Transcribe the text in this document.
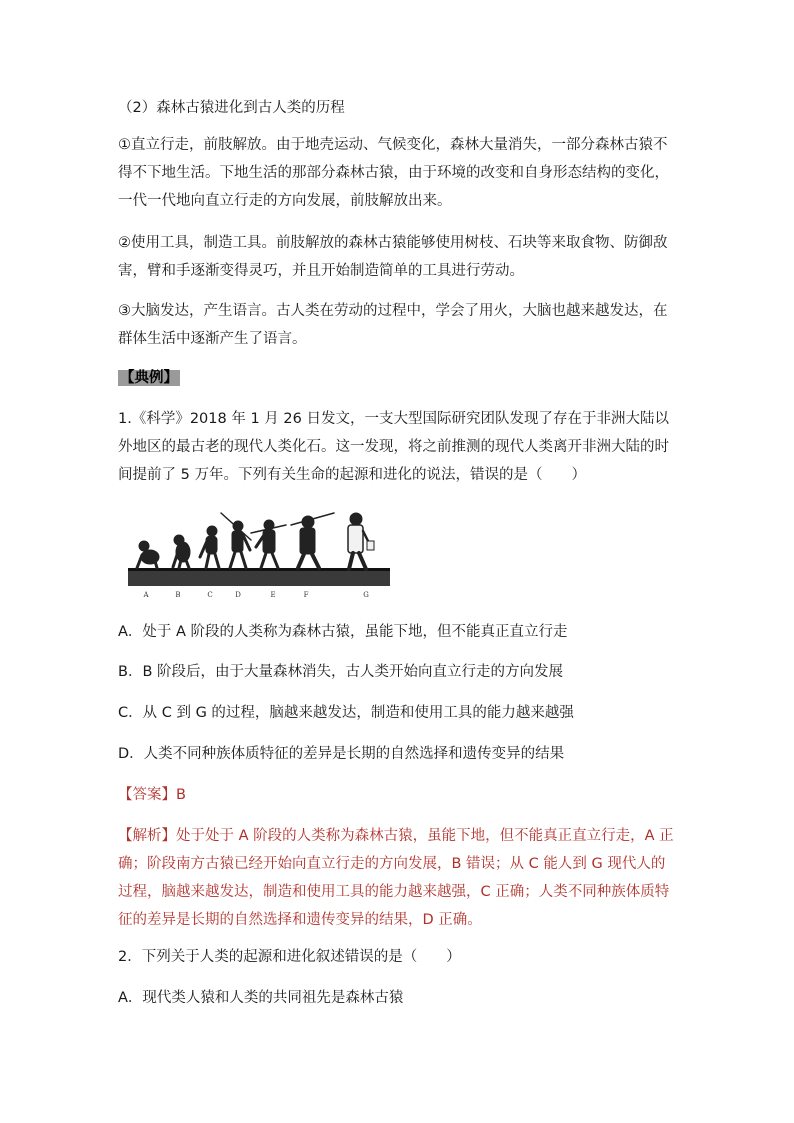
（2）森林古猿进化到古人类的历程

①直立行走，前肢解放。由于地壳运动、气候变化，森林大量消失，一部分森林古猿不得不下地生活。下地生活的那部分森林古猿，由于环境的改变和自身形态结构的变化，一代一代地向直立行走的方向发展，前肢解放出来。

②使用工具，制造工具。前肢解放的森林古猿能够使用树枝、石块等来取食物、防御敌害，臂和手逐渐变得灵巧，并且开始制造简单的工具进行劳动。

③大脑发达，产生语言。古人类在劳动的过程中，学会了用火，大脑也越来越发达，在群体生活中逐渐产生了语言。

【典例】

1.《科学》2018 年 1 月 26 日发文，一支大型国际研究团队发现了存在于非洲大陆以外地区的最古老的现代人类化石。这一发现，将之前推测的现代人类离开非洲大陆的时间提前了 5 万年。下列有关生命的起源和进化的说法，错误的是（　　）

A	B	C	D	E	F	G

A．处于 A 阶段的人类称为森林古猿，虽能下地，但不能真正直立行走

B．B 阶段后，由于大量森林消失，古人类开始向直立行走的方向发展

C．从 C 到 G 的过程，脑越来越发达，制造和使用工具的能力越来越强

D．人类不同种族体质特征的差异是长期的自然选择和遗传变异的结果

【答案】B

【解析】处于处于 A 阶段的人类称为森林古猿，虽能下地，但不能真正直立行走，A 正确；阶段南方古猿已经开始向直立行走的方向发展，B 错误；从 C 能人到 G 现代人的过程，脑越来越发达，制造和使用工具的能力越来越强，C 正确；人类不同种族体质特征的差异是长期的自然选择和遗传变异的结果，D 正确。

2．下列关于人类的起源和进化叙述错误的是（　　）

A．现代类人猿和人类的共同祖先是森林古猿
